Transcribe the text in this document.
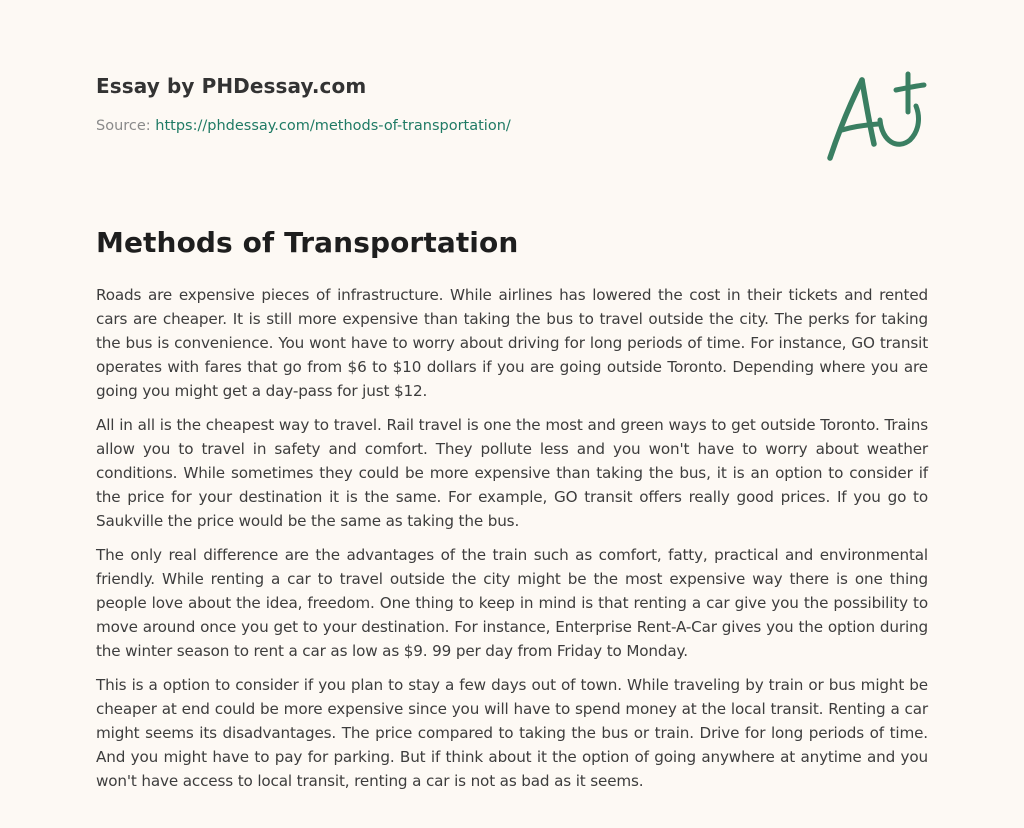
Essay by PHDessay.com
Source: https://phdessay.com/methods-of-transportation/
Methods of Transportation

Roads are expensive pieces of infrastructure. While airlines has lowered the cost in their tickets and rented cars are cheaper. It is still more expensive than taking the bus to travel outside the city. The perks for taking the bus is convenience. You wont have to worry about driving for long periods of time. For instance, GO transit operates with fares that go from $6 to $10 dollars if you are going outside Toronto. Depending where you are going you might get a day-pass for just $12.

All in all is the cheapest way to travel. Rail travel is one the most and green ways to get outside Toronto. Trains allow you to travel in safety and comfort. They pollute less and you won't have to worry about weather conditions. While sometimes they could be more expensive than taking the bus, it is an option to consider if the price for your destination it is the same. For example, GO transit offers really good prices. If you go to Saukville the price would be the same as taking the bus.

The only real difference are the advantages of the train such as comfort, fatty, practical and environmental friendly. While renting a car to travel outside the city might be the most expensive way there is one thing people love about the idea, freedom. One thing to keep in mind is that renting a car give you the possibility to move around once you get to your destination. For instance, Enterprise Rent-A-Car gives you the option during the winter season to rent a car as low as $9. 99 per day from Friday to Monday.

This is a option to consider if you plan to stay a few days out of town. While traveling by train or bus might be cheaper at end could be more expensive since you will have to spend money at the local transit. Renting a car might seems its disadvantages. The price compared to taking the bus or train. Drive for long periods of time. And you might have to pay for parking. But if think about it the option of going anywhere at anytime and you won't have access to local transit, renting a car is not as bad as it seems.
